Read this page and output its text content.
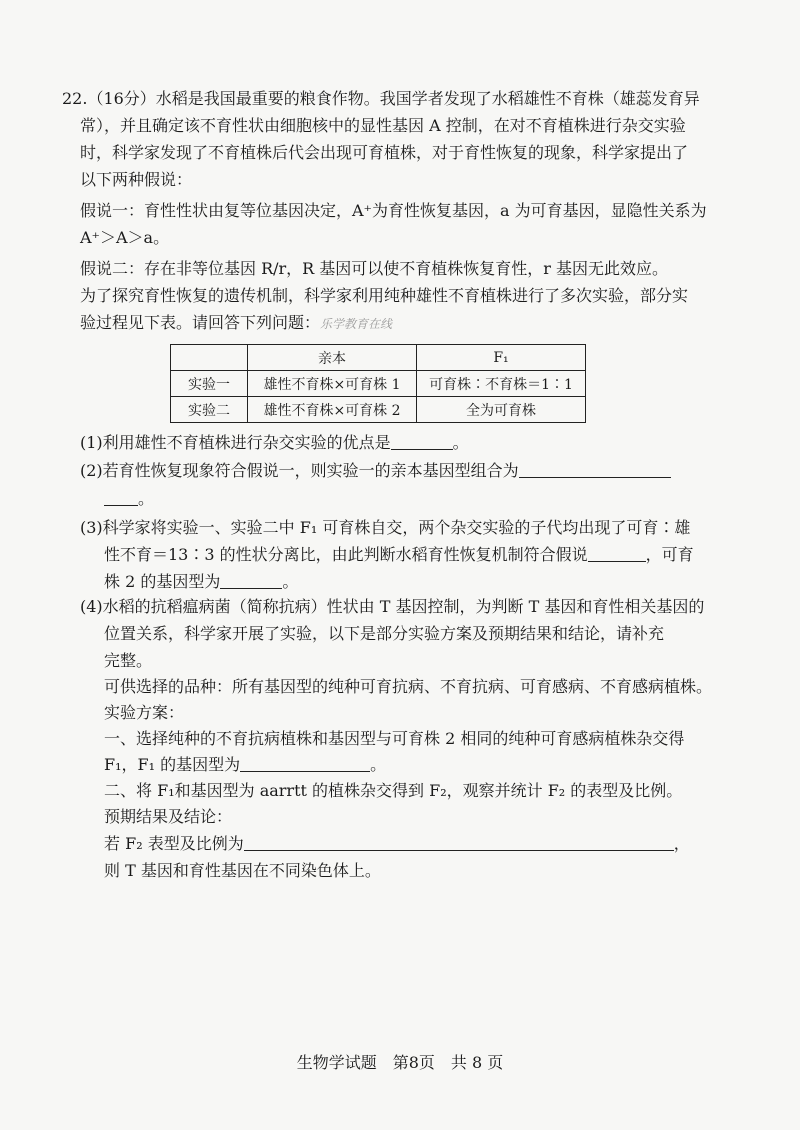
22.（16分）水稻是我国最重要的粮食作物。我国学者发现了水稻雄性不育株（雄蕊发育异
常），并且确定该不育性状由细胞核中的显性基因 A 控制，在对不育植株进行杂交实验
时，科学家发现了不育植株后代会出现可育植株，对于育性恢复的现象，科学家提出了
以下两种假说：
假说一：育性性状由复等位基因决定，A⁺为育性恢复基因，a 为可育基因，显隐性关系为
A⁺＞A＞a。
假说二：存在非等位基因 R/r，R 基因可以使不育植株恢复育性，r 基因无此效应。
为了探究育性恢复的遗传机制，科学家利用纯种雄性不育植株进行了多次实验，部分实
验过程见下表。请回答下列问题：乐学教育在线
	亲本	F₁
实验一	雄性不育株×可育株 1	可育株∶不育株＝1∶1
实验二	雄性不育株×可育株 2	全为可育株
(1)利用雄性不育植株进行杂交实验的优点是	。
(2)若育性恢复现象符合假说一，则实验一的亲本基因型组合为
。
(3)科学家将实验一、实验二中 F₁ 可育株自交，两个杂交实验的子代均出现了可育∶雄
性不育＝13∶3 的性状分离比，由此判断水稻育性恢复机制符合假说	，可育
株 2 的基因型为	。
(4)水稻的抗稻瘟病菌（简称抗病）性状由 T 基因控制，为判断 T 基因和育性相关基因的
位置关系，科学家开展了实验，以下是部分实验方案及预期结果和结论，请补充
完整。
可供选择的品种：所有基因型的纯种可育抗病、不育抗病、可育感病、不育感病植株。
实验方案：
一、选择纯种的不育抗病植株和基因型与可育株 2 相同的纯种可育感病植株杂交得
F₁，F₁ 的基因型为	。
二、将 F₁和基因型为 aarrtt 的植株杂交得到 F₂，观察并统计 F₂ 的表型及比例。
预期结果及结论：
若 F₂ 表型及比例为	，
则 T 基因和育性基因在不同染色体上。
生物学试题 第8页 共 8 页
